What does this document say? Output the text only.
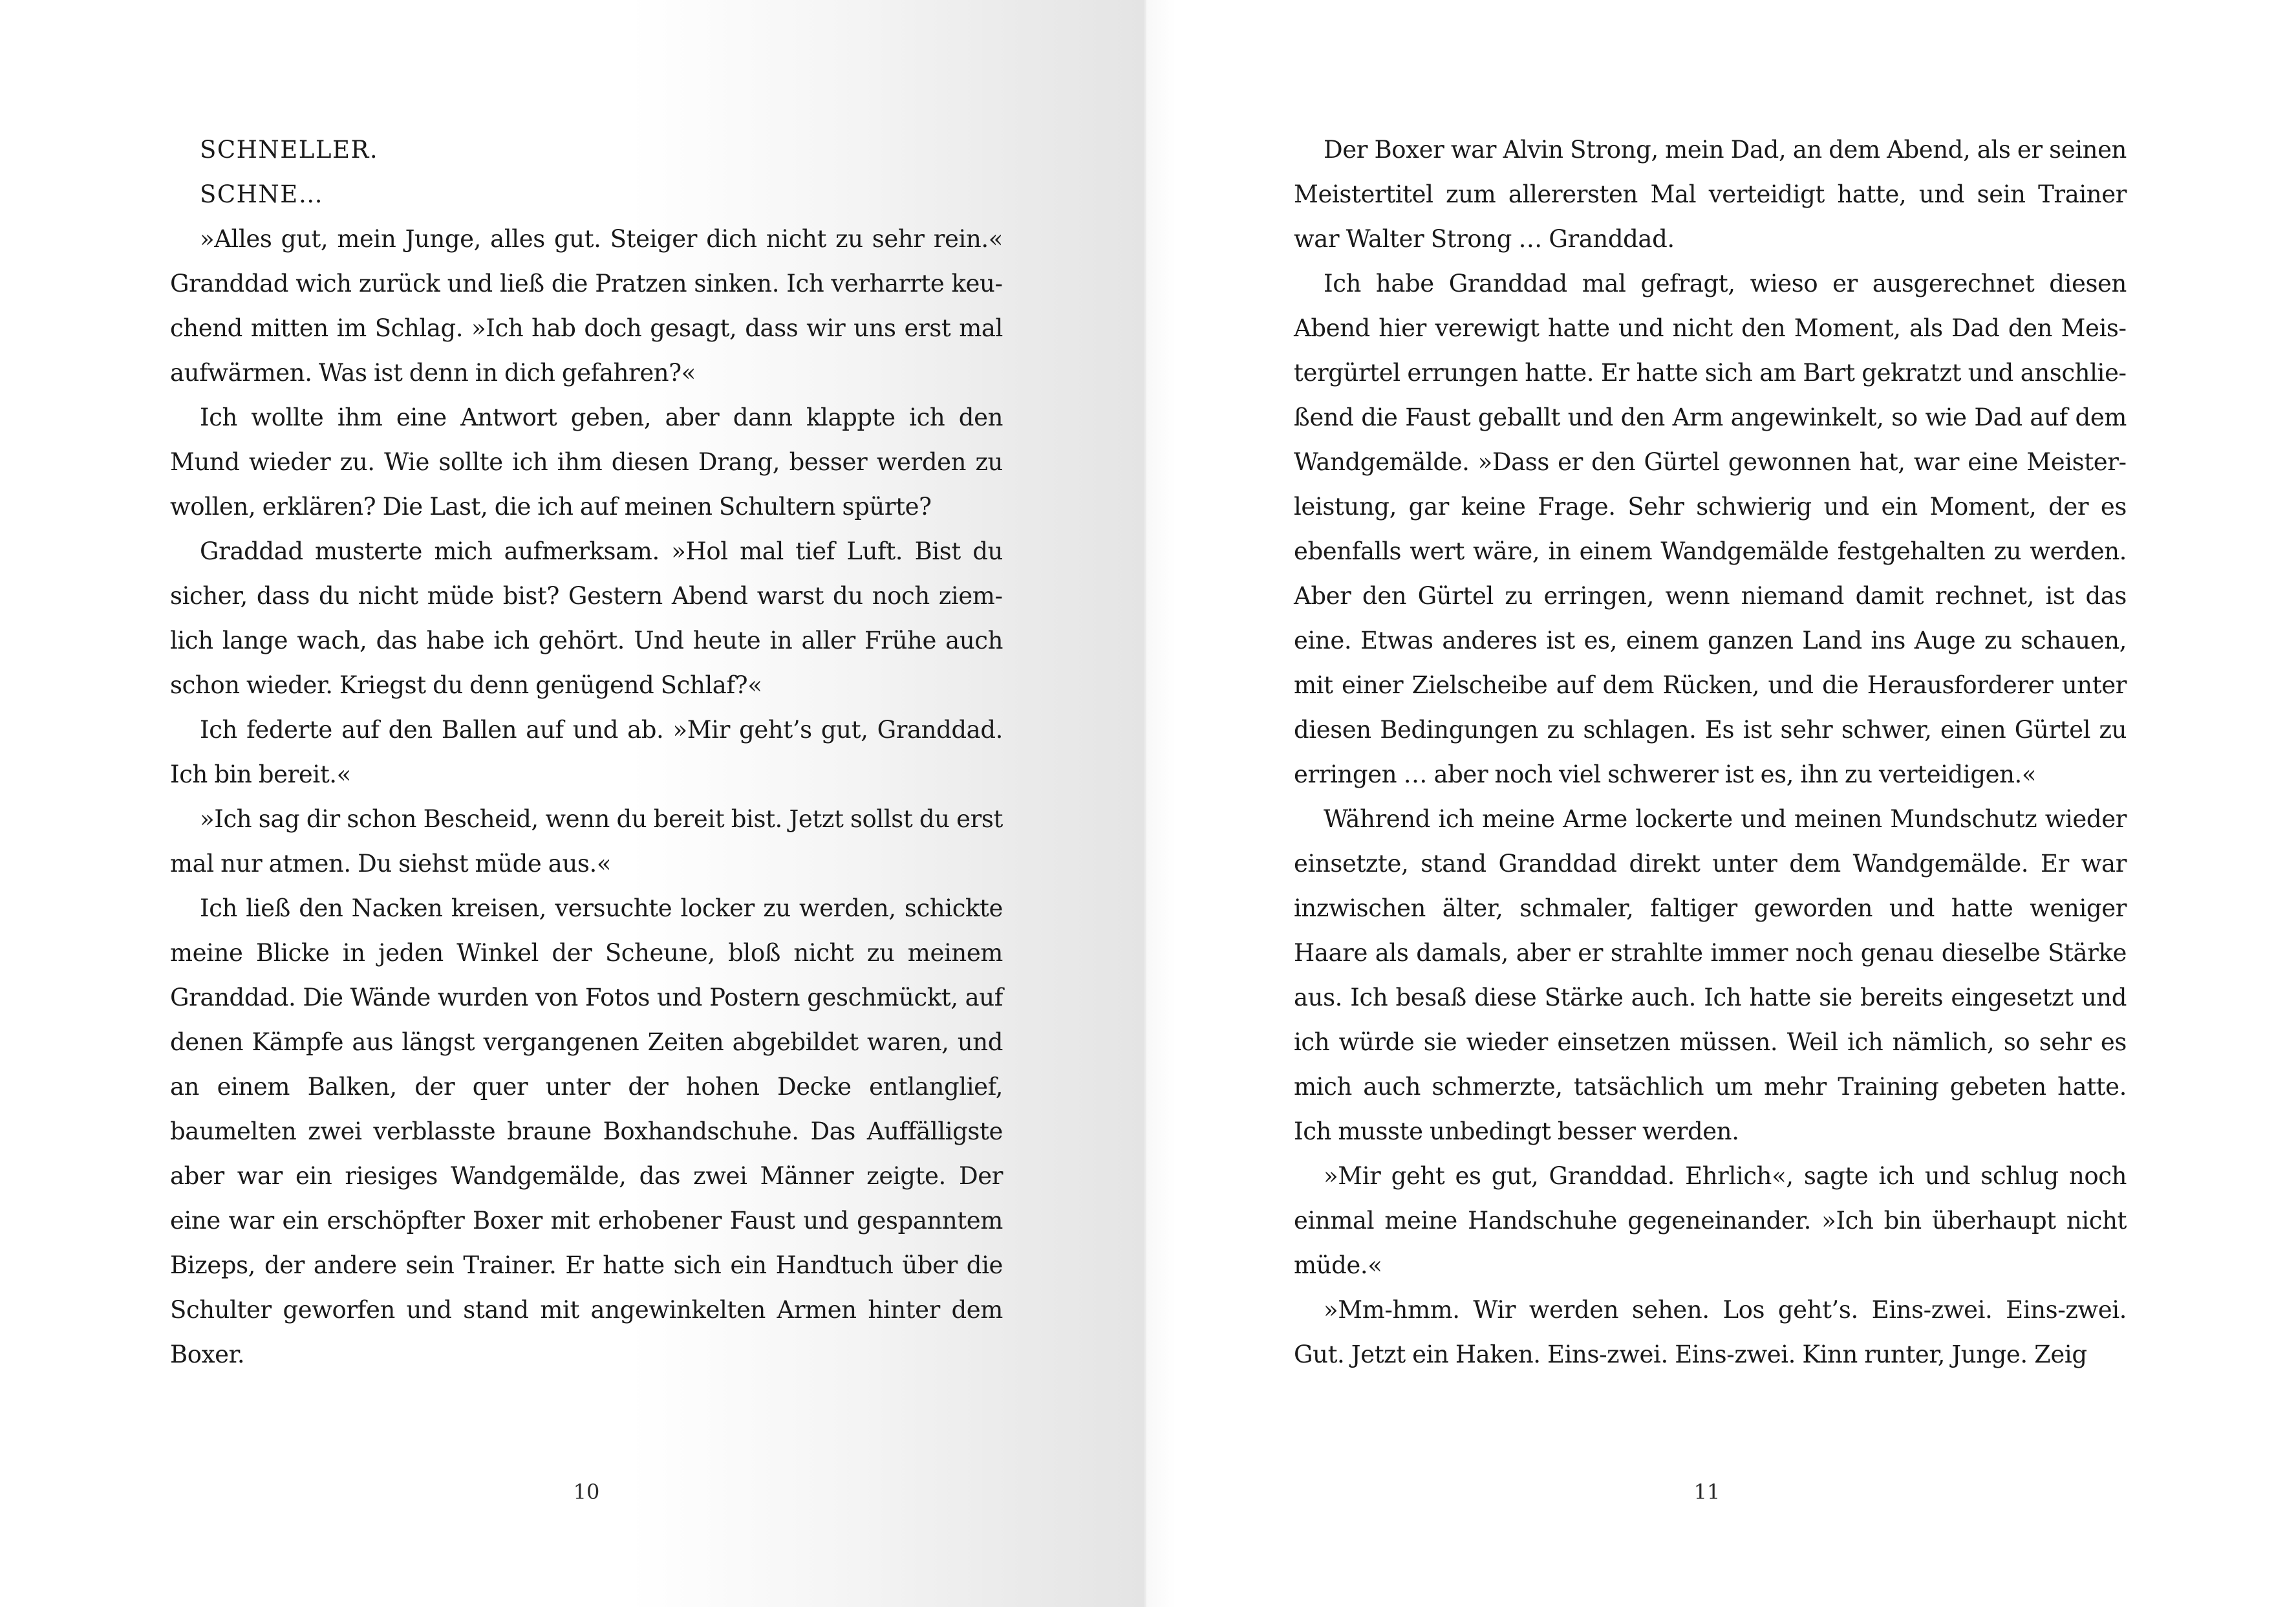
SCHNELLER.

SCHNE…

»Alles gut, mein Junge, alles gut. Steiger dich nicht zu sehr rein.« Granddad wich zurück und ließ die Pratzen sinken. Ich verharrte keuchend mitten im Schlag. »Ich hab doch gesagt, dass wir uns erst mal aufwärmen. Was ist denn in dich gefahren?«

Ich wollte ihm eine Antwort geben, aber dann klappte ich den Mund wieder zu. Wie sollte ich ihm diesen Drang, besser werden zu wollen, erklären? Die Last, die ich auf meinen Schultern spürte?

Graddad musterte mich aufmerksam. »Hol mal tief Luft. Bist du sicher, dass du nicht müde bist? Gestern Abend warst du noch ziemlich lange wach, das habe ich gehört. Und heute in aller Frühe auch schon wieder. Kriegst du denn genügend Schlaf?«

Ich federte auf den Ballen auf und ab. »Mir geht’s gut, Granddad. Ich bin bereit.«

»Ich sag dir schon Bescheid, wenn du bereit bist. Jetzt sollst du erst mal nur atmen. Du siehst müde aus.«

Ich ließ den Nacken kreisen, versuchte locker zu werden, schickte meine Blicke in jeden Winkel der Scheune, bloß nicht zu meinem Granddad. Die Wände wurden von Fotos und Postern geschmückt, auf denen Kämpfe aus längst vergangenen Zeiten abgebildet waren, und an einem Balken, der quer unter der hohen Decke entlanglief, baumelten zwei verblasste braune Boxhandschuhe. Das Auffälligste aber war ein riesiges Wandgemälde, das zwei Männer zeigte. Der eine war ein erschöpfter Boxer mit erhobener Faust und gespanntem Bizeps, der andere sein Trainer. Er hatte sich ein Handtuch über die Schulter geworfen und stand mit angewinkelten Armen hinter dem Boxer.

10

Der Boxer war Alvin Strong, mein Dad, an dem Abend, als er seinen Meistertitel zum allerersten Mal verteidigt hatte, und sein Trainer war Walter Strong … Granddad.

Ich habe Granddad mal gefragt, wieso er ausgerechnet diesen Abend hier verewigt hatte und nicht den Moment, als Dad den Meistergürtel errungen hatte. Er hatte sich am Bart gekratzt und anschließend die Faust geballt und den Arm angewinkelt, so wie Dad auf dem Wandgemälde. »Dass er den Gürtel gewonnen hat, war eine Meisterleistung, gar keine Frage. Sehr schwierig und ein Moment, der es ebenfalls wert wäre, in einem Wandgemälde festgehalten zu werden. Aber den Gürtel zu erringen, wenn niemand damit rechnet, ist das eine. Etwas anderes ist es, einem ganzen Land ins Auge zu schauen, mit einer Zielscheibe auf dem Rücken, und die Herausforderer unter diesen Bedingungen zu schlagen. Es ist sehr schwer, einen Gürtel zu erringen … aber noch viel schwerer ist es, ihn zu verteidigen.«

Während ich meine Arme lockerte und meinen Mundschutz wieder einsetzte, stand Granddad direkt unter dem Wandgemälde. Er war inzwischen älter, schmaler, faltiger geworden und hatte weniger Haare als damals, aber er strahlte immer noch genau dieselbe Stärke aus. Ich besaß diese Stärke auch. Ich hatte sie bereits eingesetzt und ich würde sie wieder einsetzen müssen. Weil ich nämlich, so sehr es mich auch schmerzte, tatsächlich um mehr Training gebeten hatte. Ich musste unbedingt besser werden.

»Mir geht es gut, Granddad. Ehrlich«, sagte ich und schlug noch einmal meine Handschuhe gegeneinander. »Ich bin überhaupt nicht müde.«

»Mm-hmm. Wir werden sehen. Los geht’s. Eins-zwei. Eins-zwei. Gut. Jetzt ein Haken. Eins-zwei. Eins-zwei. Kinn runter, Junge. Zeig

11
